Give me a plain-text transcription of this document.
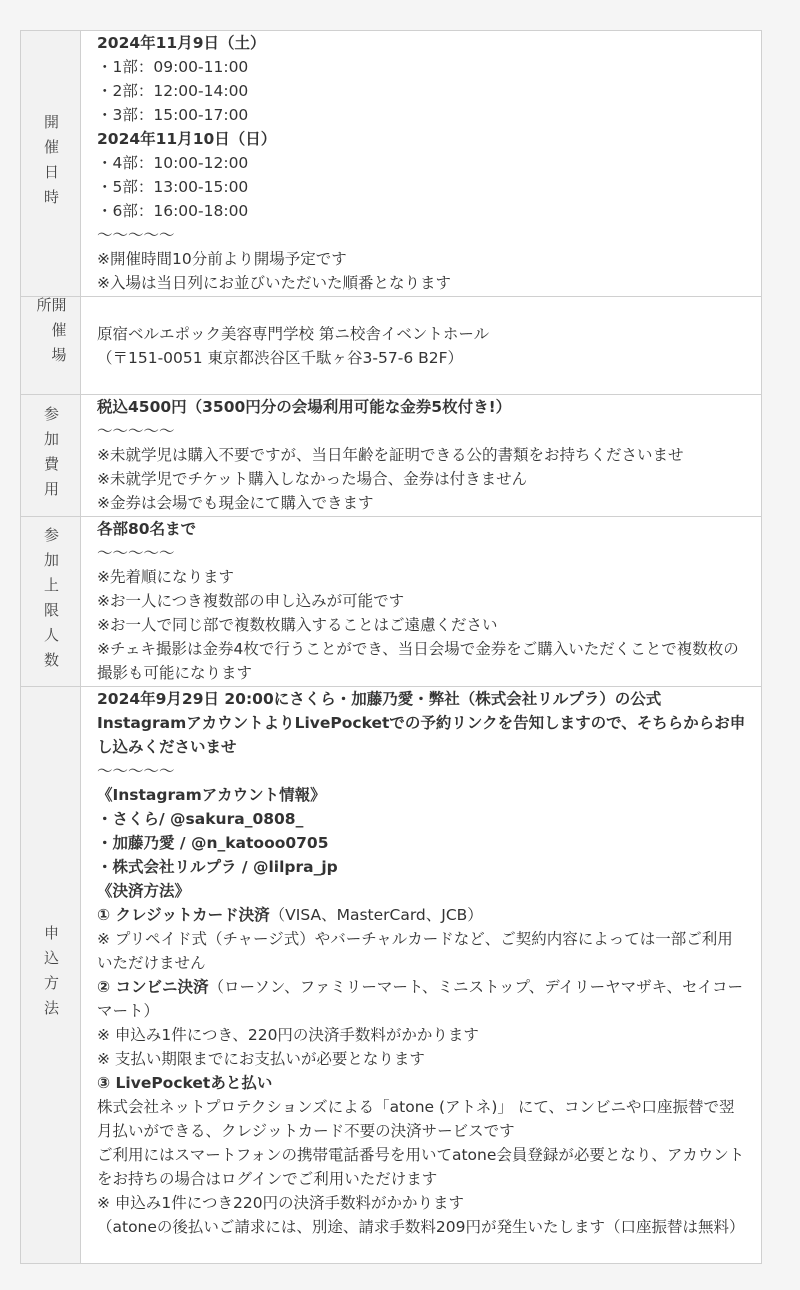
開催日時
2024年11月9日（土）
・1部：09:00-11:00
・2部：12:00-14:00
・3部：15:00-17:00
2024年11月10日（日）
・4部：10:00-12:00
・5部：13:00-15:00
・6部：16:00-18:00
〜〜〜〜〜
※開催時間10分前より開場予定です
※入場は当日列にお並びいただいた順番となります
開催場所
原宿ベルエポック美容専門学校 第ニ校舎イベントホール
（〒151-0051 東京都渋谷区千駄ヶ谷3-57-6 B2F）
参加費用 税込4500円（3500円分の会場利用可能な金券5枚付き!）
〜〜〜〜〜
※未就学児は購入不要ですが、当日年齢を証明できる公的書類をお持ちくださいませ
※未就学児でチケット購入しなかった場合、金券は付きません
※金券は会場でも現金にて購入できます
参加上限人数 各部80名まで
〜〜〜〜〜
※先着順になります
※お一人につき複数部の申し込みが可能です
※お一人で同じ部で複数枚購入することはご遠慮ください
※チェキ撮影は金券4枚で行うことができ、当日会場で金券をご購入いただくことで複数枚の撮影も可能になります
申込方法
2024年9月29日 20:00にさくら・加藤乃愛・弊社（株式会社リルプラ）の公式InstagramアカウントよりLivePocketでの予約リンクを告知しますので、そちらからお申し込みくださいませ
〜〜〜〜〜
《Instagramアカウント情報》
・さくら/ @sakura_0808_
・加藤乃愛 / @n_katooo0705
・株式会社リルプラ / @lilpra_jp
《決済方法》
① クレジットカード決済（VISA、MasterCard、JCB）
※ プリペイド式（チャージ式）やバーチャルカードなど、ご契約内容によっては一部ご利用いただけません
② コンビニ決済（ローソン、ファミリーマート、ミニストップ、デイリーヤマザキ、セイコーマート）
※ 申込み1件につき、220円の決済手数料がかかります
※ 支払い期限までにお支払いが必要となります
③ LivePocketあと払い
株式会社ネットプロテクションズによる「atone (アトネ)」 にて、コンビニや口座振替で翌月払いができる、クレジットカード不要の決済サービスです
ご利用にはスマートフォンの携帯電話番号を用いてatone会員登録が必要となり、アカウントをお持ちの場合はログインでご利用いただけます
※ 申込み1件につき220円の決済手数料がかかります
（atoneの後払いご請求には、別途、請求手数料209円が発生いたします（口座振替は無料）
